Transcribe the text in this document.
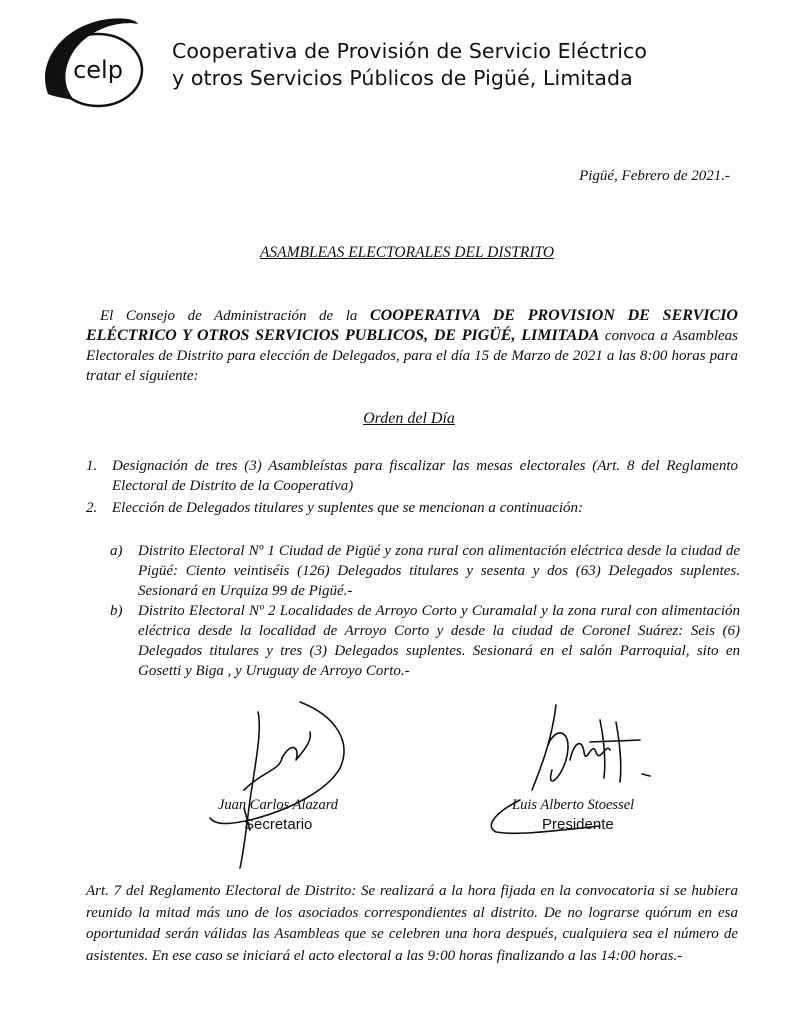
celp
Cooperativa de Provisión de Servicio Eléctrico
y otros Servicios Públicos de Pigüé, Limitada
Pigüé, Febrero de 2021.-
ASAMBLEAS ELECTORALES DEL DISTRITO
El Consejo de Administración de la COOPERATIVA DE PROVISION DE SERVICIO ELÉCTRICO Y OTROS SERVICIOS PUBLICOS, DE PIGÜÉ, LIMITADA convoca a Asambleas Electorales de Distrito para elección de Delegados, para el día 15 de Marzo de 2021 a las 8:00 horas para tratar el siguiente:
Orden del Día
1. Designación de tres (3) Asambleístas para fiscalizar las mesas electorales (Art. 8 del Reglamento Electoral de Distrito de la Cooperativa)
2. Elección de Delegados titulares y suplentes que se mencionan a continuación:
a) Distrito Electoral Nº 1 Ciudad de Pigüé y zona rural con alimentación eléctrica desde la ciudad de Pigüé: Ciento veintiséis (126) Delegados titulares y sesenta y dos (63) Delegados suplentes. Sesionará en Urquiza 99 de Pigüé.-
b) Distrito Electoral Nº 2 Localidades de Arroyo Corto y Curamalal y la zona rural con alimentación eléctrica desde la localidad de Arroyo Corto y desde la ciudad de Coronel Suárez: Seis (6) Delegados titulares y tres (3) Delegados suplentes. Sesionará en el salón Parroquial, sito en Gosetti y Biga , y Uruguay de Arroyo Corto.-
Juan Carlos Alazard
Secretario
Luis Alberto Stoessel
Presidente
Art. 7 del Reglamento Electoral de Distrito: Se realizará a la hora fijada en la convocatoria si se hubiera reunido la mitad más uno de los asociados correspondientes al distrito. De no lograrse quórum en esa oportunidad serán válidas las Asambleas que se celebren una hora después, cualquiera sea el número de asistentes. En ese caso se iniciará el acto electoral a las 9:00 horas finalizando a las 14:00 horas.-
